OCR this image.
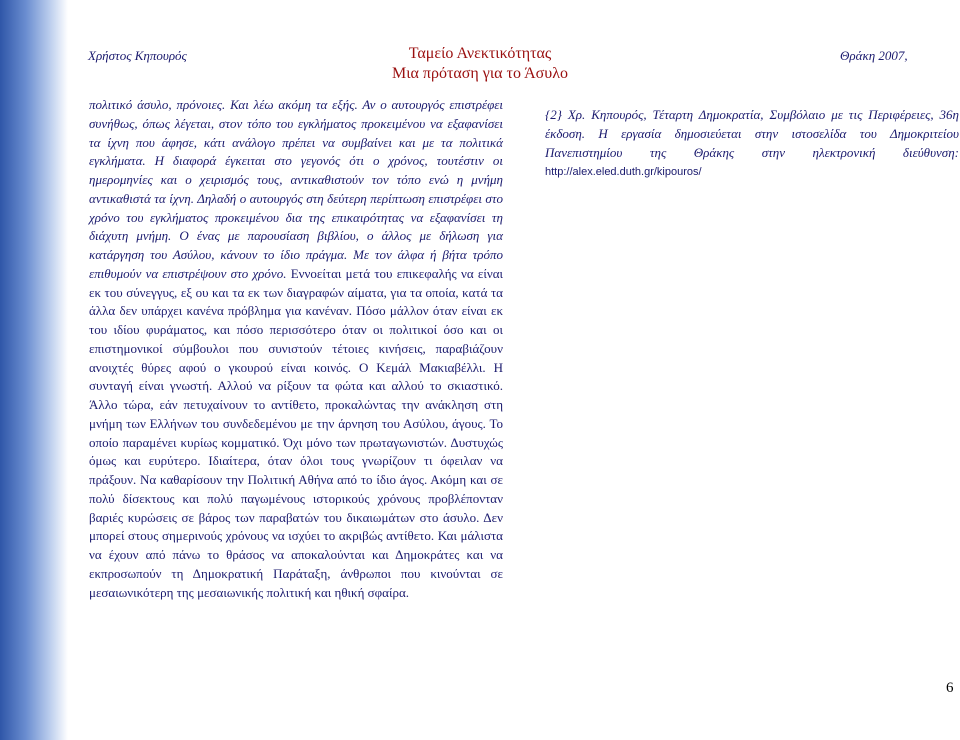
Χρήστος Κηπουρός	Ταμείο Ανεκτικότητας
Μια πρόταση για το Άσυλο
Θράκη 2007,

πολιτικό άσυλο, πρόνοιες. Και λέω ακόμη τα εξής. Αν ο αυτουργός επιστρέφει συνήθως, όπως λέγεται, στον τόπο του εγκλήματος προκειμένου να εξαφανίσει τα ίχνη που άφησε, κάτι ανάλογο πρέπει να συμβαίνει και με τα πολιτικά εγκλήματα. Η διαφορά έγκειται στο γεγονός ότι ο χρόνος, τουτέστιν οι ημερομηνίες και ο χειρισμός τους, αντικαθιστούν τον τόπο ενώ η μνήμη αντικαθιστά τα ίχνη. Δηλαδή ο αυτουργός στη δεύτερη περίπτωση επιστρέφει στο χρόνο του εγκλήματος προκειμένου δια της επικαιρότητας να εξαφανίσει τη διάχυτη μνήμη. Ο ένας με παρουσίαση βιβλίου, ο άλλος με δήλωση για κατάργηση του Ασύλου, κάνουν το ίδιο πράγμα. Με τον άλφα ή βήτα τρόπο επιθυμούν να επιστρέψουν στο χρόνο. Εννοείται μετά του επικεφαλής να είναι εκ του σύνεγγυς, εξ ου και τα εκ των διαγραφών αίματα, για τα οποία, κατά τα άλλα δεν υπάρχει κανένα πρόβλημα για κανέναν. Πόσο μάλλον όταν είναι εκ του ιδίου φυράματος, και πόσο περισσότερο όταν οι πολιτικοί όσο και οι επιστημονικοί σύμβουλοι που συνιστούν τέτοιες κινήσεις, παραβιάζουν ανοιχτές θύρες αφού ο γκουρού είναι κοινός. Ο Κεμάλ Μακιαβέλλι. Η συνταγή είναι γνωστή. Αλλού να ρίξουν τα φώτα και αλλού το σκιαστικό. Άλλο τώρα, εάν πετυχαίνουν το αντίθετο, προκαλώντας την ανάκληση στη μνήμη των Ελλήνων του συνδεδεμένου με την άρνηση του Ασύλου, άγους. Το οποίο παραμένει κυρίως κομματικό. Όχι μόνο των πρωταγωνιστών. Δυστυχώς όμως και ευρύτερο. Ιδιαίτερα, όταν όλοι τους γνωρίζουν τι όφειλαν να πράξουν. Να καθαρίσουν την Πολιτική Αθήνα από το ίδιο άγος. Ακόμη και σε πολύ δίσεκτους και πολύ παγωμένους ιστορικούς χρόνους προβλέπονταν βαριές κυρώσεις σε βάρος των παραβατών του δικαιωμάτων στο άσυλο. Δεν μπορεί στους σημερινούς χρόνους να ισχύει το ακριβώς αντίθετο. Και μάλιστα να έχουν από πάνω το θράσος να αποκαλούνται και Δημοκράτες και να εκπροσωπούν τη Δημοκρατική Παράταξη, άνθρωποι που κινούνται σε μεσαιωνικότερη της μεσαιωνικής πολιτική και ηθική σφαίρα.

{2} Χρ. Κηπουρός, Τέταρτη Δημοκρατία, Συμβόλαιο με τις Περιφέρειες, 36η έκδοση. Η εργασία δημοσιεύεται στην ιστοσελίδα του Δημοκριτείου Πανεπιστημίου της Θράκης στην ηλεκτρονική διεύθυνση: http://alex.eled.duth.gr/kipouros/

6
